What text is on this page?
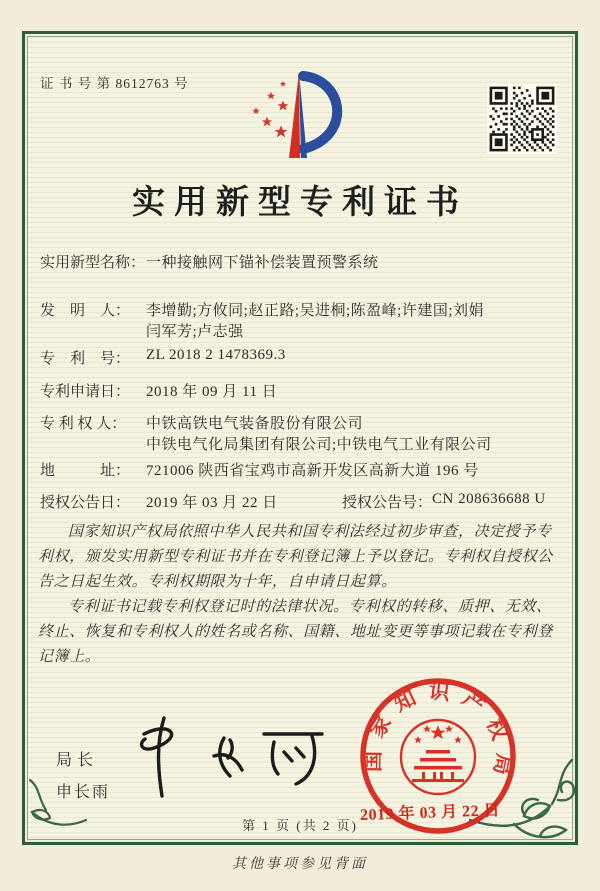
证 书 号 第 8612763 号
实用新型专利证书
实用新型名称：一种接触网下锚补偿装置预警系统
发　明　人： 李增勤;方攸同;赵正路;吴进桐;陈盈峰;许建国;刘娟
闫军芳;卢志强
专　利　号： ZL 2018 2 1478369.3
专利申请日： 2018 年 09 月 11 日
专 利 权 人： 中铁高铁电气装备股份有限公司
中铁电气化局集团有限公司;中铁电气工业有限公司
地　　　址： 721006 陕西省宝鸡市高新开发区高新大道 196 号
授权公告日： 2019 年 03 月 22 日	授权公告号：CN 208636688 U

国家知识产权局依照中华人民共和国专利法经过初步审查，决定授予专利权，颁发实用新型专利证书并在专利登记簿上予以登记。专利权自授权公告之日起生效。专利权期限为十年，自申请日起算。

专利证书记载专利权登记时的法律状况。专利权的转移、质押、无效、终止、恢复和专利权人的姓名或名称、国籍、地址变更等事项记载在专利登记簿上。

局长
申长雨
国家知识产权局
2019 年 03 月 22 日
第 1 页 (共 2 页)
其他事项参见背面
